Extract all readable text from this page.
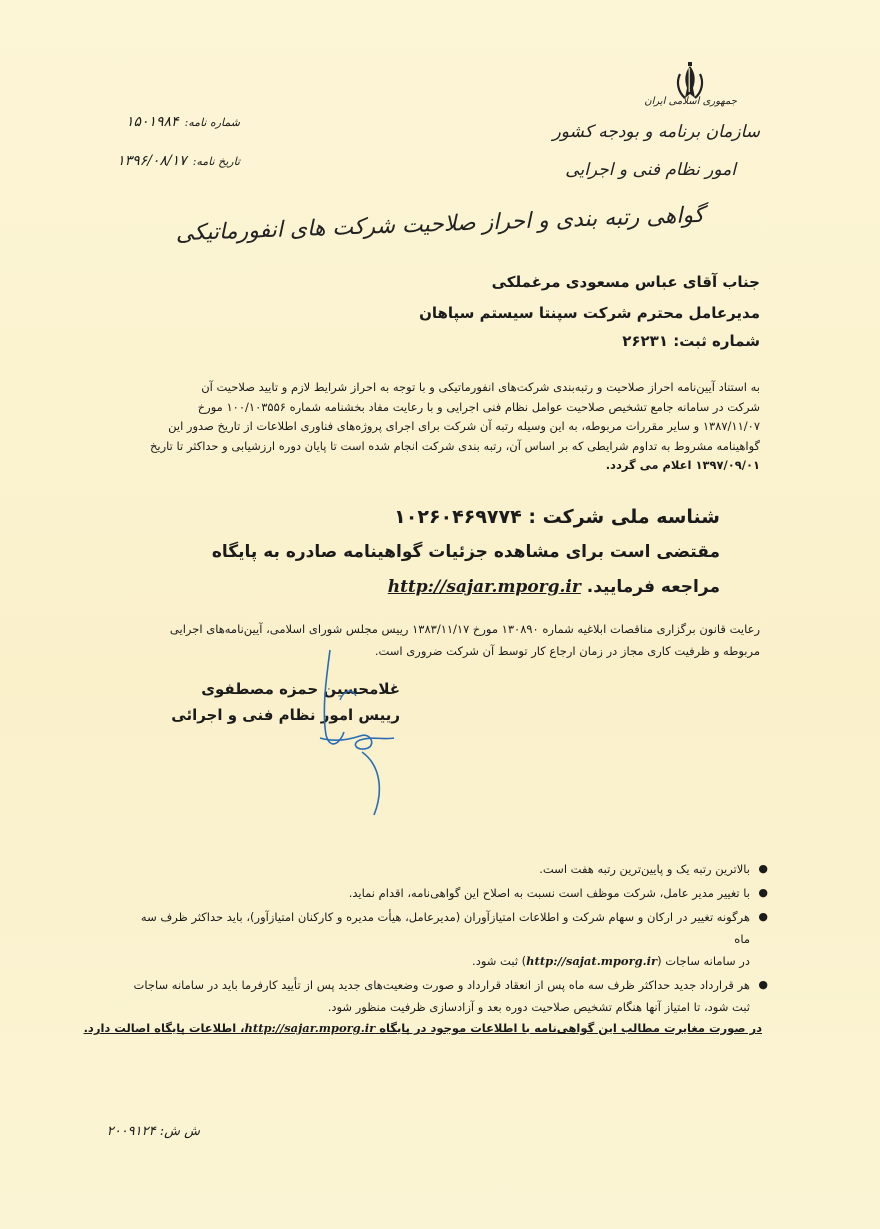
جمهوری اسلامی ایران
سازمان برنامه و بودجه کشور
امور نظام فنی و اجرایی
شماره نامه:۱۵۰۱۹۸۴
تاریخ نامه:۱۳۹۶/۰۸/۱۷
گواهی رتبه بندی و احراز صلاحیت شرکت های انفورماتیکی
جناب آقای عباس مسعودی مرغملکی
مدیرعامل محترم شرکت سپنتا سیستم سپاهان
شماره ثبت: ۲۶۲۳۱
به استناد آیین‌نامه احراز صلاحیت و رتبه‌بندی شرکت‌های انفورماتیکی و با توجه به احراز شرایط لازم و تایید صلاحیت آن
شرکت در سامانه جامع تشخیص صلاحیت عوامل نظام فنی اجرایی و با رعایت مفاد بخشنامه شماره ۱۰۰/۱۰۳۵۵۶ مورخ
۱۳۸۷/۱۱/۰۷ و سایر مقررات مربوطه، به این وسیله رتبه آن شرکت برای اجرای پروژه‌های فناوری اطلاعات از تاریخ صدور این
گواهینامه مشروط به تداوم شرایطی که بر اساس آن، رتبه بندی شرکت انجام شده است تا پایان دوره ارزشیابی و حداکثر تا تاریخ
۱۳۹۷/۰۹/۰۱ اعلام می گردد.
شناسه ملی شرکت : ۱۰۲۶۰۴۶۹۷۷۴
مقتضی است برای مشاهده جزئیات گواهینامه صادره به پایگاه
مراجعه فرمایید. http://sajar.mporg.ir
رعایت قانون برگزاری مناقصات ابلاغیه شماره ۱۳۰۸۹۰ مورخ ۱۳۸۳/۱۱/۱۷ رییس مجلس شورای اسلامی، آیین‌نامه‌های اجرایی
مربوطه و ظرفیت کاری مجاز در زمان ارجاع کار توسط آن شرکت ضروری است.
غلامحسین حمزه مصطفوی
رییس امور نظام فنی و اجرائی
●
بالاترین رتبه یک و پایین‌ترین رتبه هفت است.
●
با تغییر مدیر عامل، شرکت موظف است نسبت به اصلاح این گواهی‌نامه، اقدام نماید.
●
هرگونه تغییر در ارکان و سهام شرکت و اطلاعات امتیازآوران (مدیرعامل، هیأت مدیره و کارکنان امتیازآور)، باید حداکثر ظرف سه ماه
در سامانه ساجات (http://sajat.mporg.ir) ثبت شود.
●
هر قرارداد جدید حداکثر ظرف سه ماه پس از انعقاد قرارداد و صورت وضعیت‌های جدید پس از تأیید کارفرما باید در سامانه ساجات
ثبت شود، تا امتیاز آنها هنگام تشخیص صلاحیت دوره بعد و آزادسازی ظرفیت منظور شود.
در صورت مغایرت مطالب این گواهی‌نامه با اطلاعات موجود در پایگاه http://sajar.mporg.ir، اطلاعات پایگاه اصالت دارد.
ش ش: ۲۰۰۹۱۲۴
